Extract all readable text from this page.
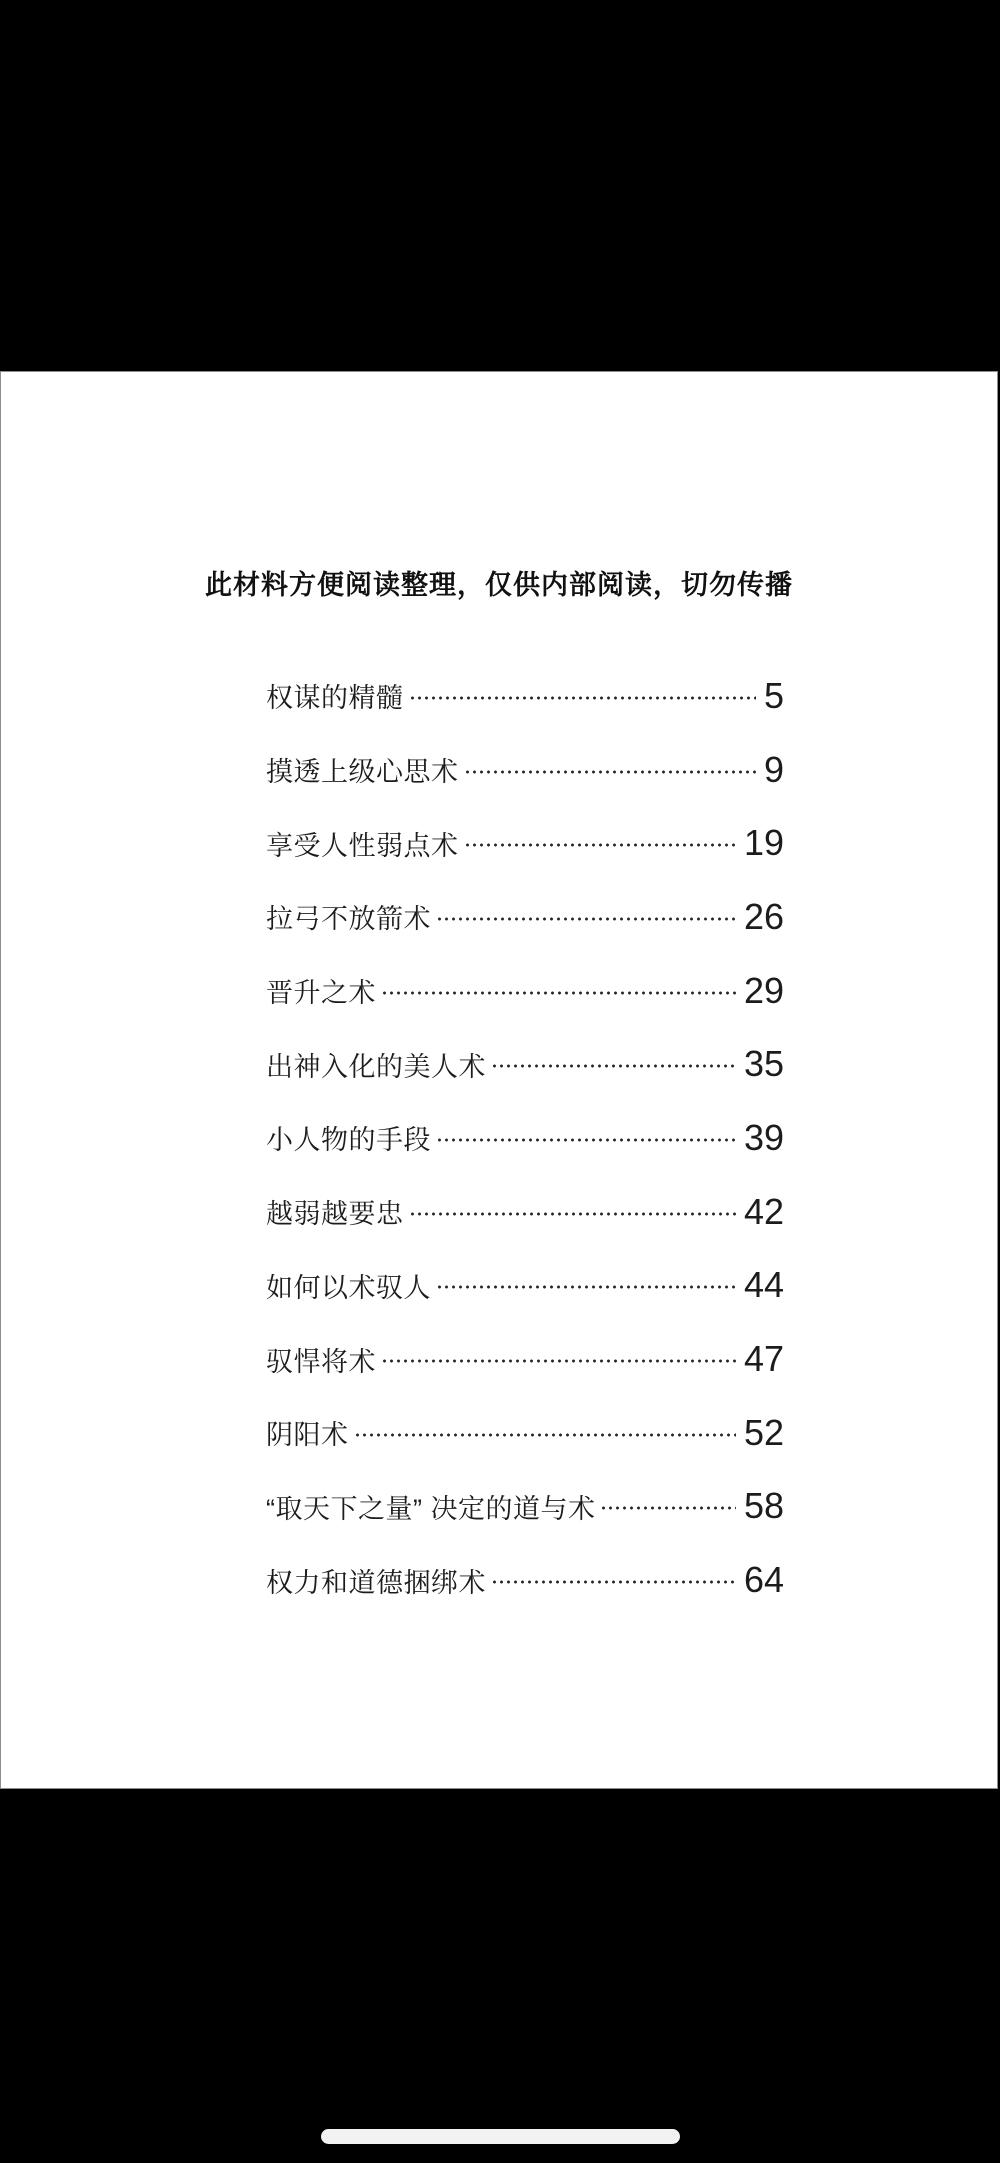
此材料方便阅读整理，仅供内部阅读，切勿传播
权谋的精髓	5
摸透上级心思术	9
享受人性弱点术	19
拉弓不放箭术	26
晋升之术	29
出神入化的美人术	35
小人物的手段	39
越弱越要忠	42
如何以术驭人	44
驭悍将术	47
阴阳术	52
“取天下之量” 决定的道与术	58
权力和道德捆绑术	64
